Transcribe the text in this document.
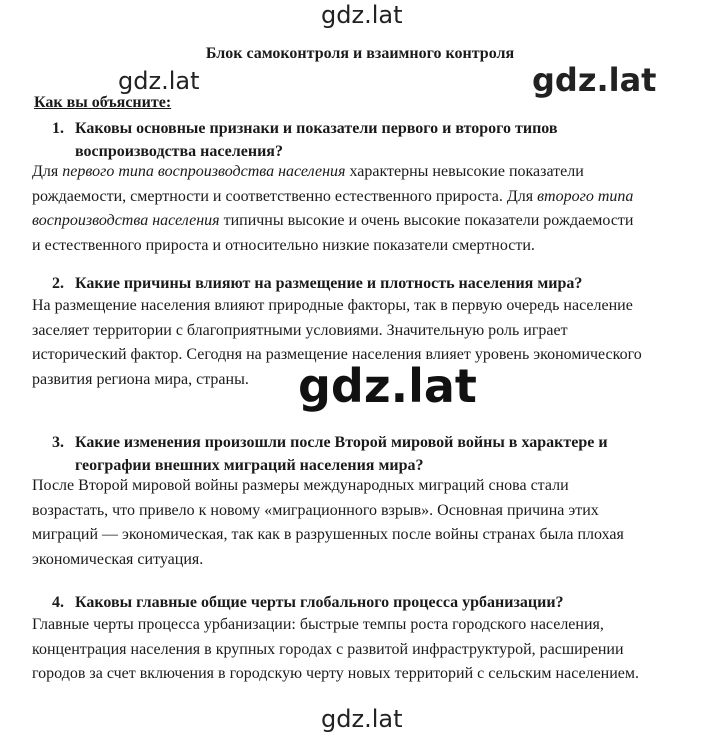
gdz.lat
gdz.lat	gdz.lat
gdz.lat
gdz.lat
Блок самоконтроля и взаимного контроля
Как вы объясните:
1. Каковы основные признаки и показатели первого и второго типов
воспроизводства населения?
Для первого типа воспроизводства населения характерны невысокие показатели
рождаемости, смертности и соответственно естественного прироста. Для второго типа
воспроизводства населения типичны высокие и очень высокие показатели рождаемости
и естественного прироста и относительно низкие показатели смертности.
2. Какие причины влияют на размещение и плотность населения мира?
На размещение населения влияют природные факторы, так в первую очередь население
заселяет территории с благоприятными условиями. Значительную роль играет
исторический фактор. Сегодня на размещение населения влияет уровень экономического
развития региона мира, страны.
3. Какие изменения произошли после Второй мировой войны в характере и
географии внешних миграций населения мира?
После Второй мировой войны размеры международных миграций снова стали
возрастать, что привело к новому «миграционного взрыв». Основная причина этих
миграций — экономическая, так как в разрушенных после войны странах была плохая
экономическая ситуация.
4. Каковы главные общие черты глобального процесса урбанизации?
Главные черты процесса урбанизации: быстрые темпы роста городского населения,
концентрация населения в крупных городах с развитой инфраструктурой, расширении
городов за счет включения в городскую черту новых территорий с сельским населением.
